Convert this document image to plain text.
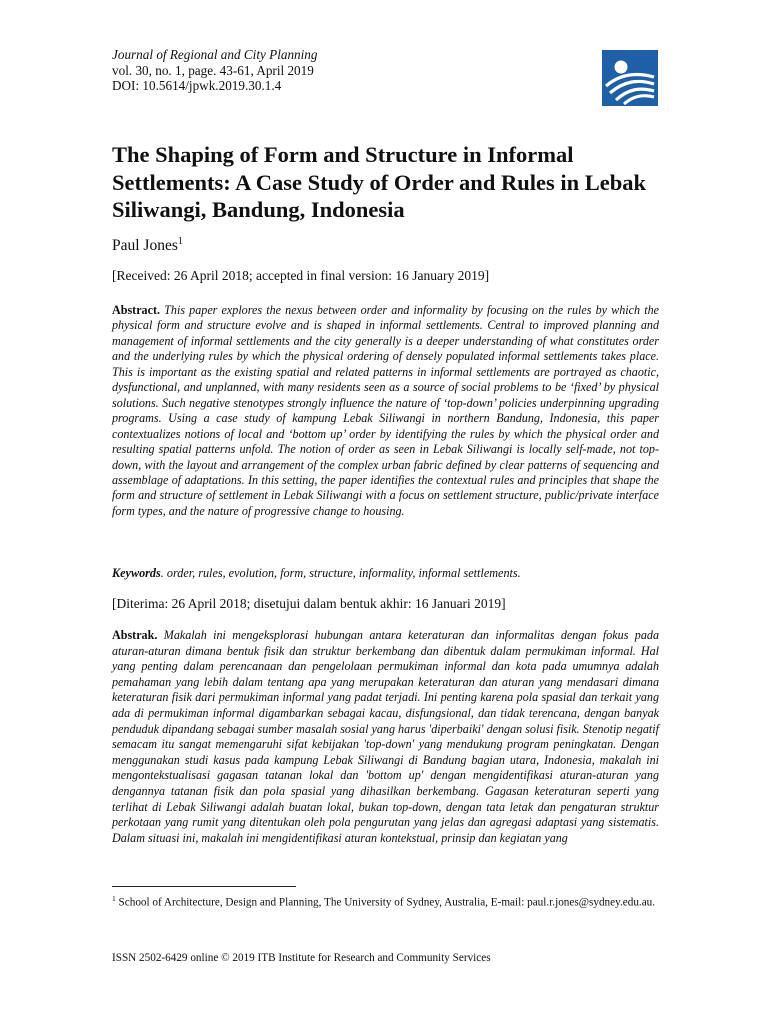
Journal of Regional and City Planning
vol. 30, no. 1, page. 43-61, April 2019
DOI: 10.5614/jpwk.2019.30.1.4
The Shaping of Form and Structure in Informal Settlements: A Case Study of Order and Rules in Lebak Siliwangi, Bandung, Indonesia
Paul Jones$^1$
[Received: 26 April 2018; accepted in final version: 16 January 2019]

Abstract. This paper explores the nexus between order and informality by focusing on the rules by which the physical form and structure evolve and is shaped in informal settlements. Central to improved planning and management of informal settlements and the city generally is a deeper understanding of what constitutes order and the underlying rules by which the physical ordering of densely populated informal settlements takes place. This is important as the existing spatial and related patterns in informal settlements are portrayed as chaotic, dysfunctional, and unplanned, with many residents seen as a source of social problems to be ‘fixed’ by physical solutions. Such negative stenotypes strongly influence the nature of ‘top-down’ policies underpinning upgrading programs. Using a case study of kampung Lebak Siliwangi in northern Bandung, Indonesia, this paper contextualizes notions of local and ‘bottom up’ order by identifying the rules by which the physical order and resulting spatial patterns unfold. The notion of order as seen in Lebak Siliwangi is locally self-made, not top-down, with the layout and arrangement of the complex urban fabric defined by clear patterns of sequencing and assemblage of adaptations. In this setting, the paper identifies the contextual rules and principles that shape the form and structure of settlement in Lebak Siliwangi with a focus on settlement structure, public/private interface form types, and the nature of progressive change to housing.

Keywords. order, rules, evolution, form, structure, informality, informal settlements.
[Diterima: 26 April 2018; disetujui dalam bentuk akhir: 16 Januari 2019]

Abstrak. Makalah ini mengeksplorasi hubungan antara keteraturan dan informalitas dengan fokus pada aturan-aturan dimana bentuk fisik dan struktur berkembang dan dibentuk dalam permukiman informal. Hal yang penting dalam perencanaan dan pengelolaan permukiman informal dan kota pada umumnya adalah pemahaman yang lebih dalam tentang apa yang merupakan keteraturan dan aturan yang mendasari dimana keteraturan fisik dari permukiman informal yang padat terjadi. Ini penting karena pola spasial dan terkait yang ada di permukiman informal digambarkan sebagai kacau, disfungsional, dan tidak terencana, dengan banyak penduduk dipandang sebagai sumber masalah sosial yang harus 'diperbaiki' dengan solusi fisik. Stenotip negatif semacam itu sangat memengaruhi sifat kebijakan 'top-down' yang mendukung program peningkatan. Dengan menggunakan studi kasus pada kampung Lebak Siliwangi di Bandung bagian utara, Indonesia, makalah ini mengontekstualisasi gagasan tatanan lokal dan 'bottom up' dengan mengidentifikasi aturan-aturan yang dengannya tatanan fisik dan pola spasial yang dihasilkan berkembang. Gagasan keteraturan seperti yang terlihat di Lebak Siliwangi adalah buatan lokal, bukan top-down, dengan tata letak dan pengaturan struktur perkotaan yang rumit yang ditentukan oleh pola pengurutan yang jelas dan agregasi adaptasi yang sistematis. Dalam situasi ini, makalah ini mengidentifikasi aturan kontekstual, prinsip dan kegiatan yang

$^1$ School of Architecture, Design and Planning, The University of Sydney, Australia, E-mail: paul.r.jones@sydney.edu.au.
ISSN 2502-6429 online © 2019 ITB Institute for Research and Community Services
